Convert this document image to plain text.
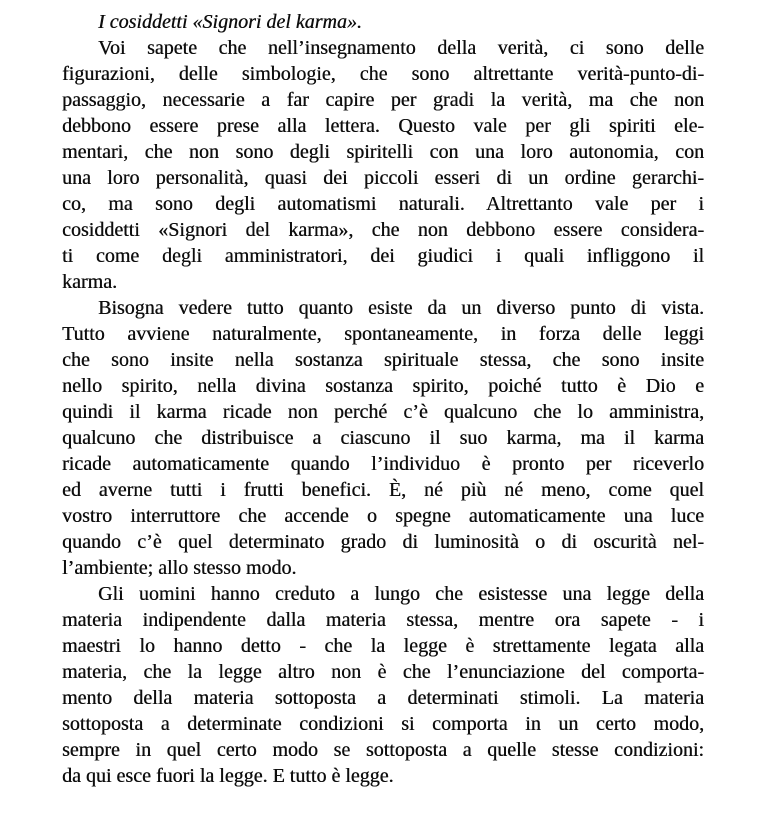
I cosiddetti «Signori del karma».
Voi sapete che nell’insegnamento della verità, ci sono delle
figurazioni, delle simbologie, che sono altrettante verità-punto-di-
passaggio, necessarie a far capire per gradi la verità, ma che non
debbono essere prese alla lettera. Questo vale per gli spiriti ele-
mentari, che non sono degli spiritelli con una loro autonomia, con
una loro personalità, quasi dei piccoli esseri di un ordine gerarchi-
co, ma sono degli automatismi naturali. Altrettanto vale per i
cosiddetti «Signori del karma», che non debbono essere considera-
ti come degli amministratori, dei giudici i quali infliggono il
karma.
Bisogna vedere tutto quanto esiste da un diverso punto di vista.
Tutto avviene naturalmente, spontaneamente, in forza delle leggi
che sono insite nella sostanza spirituale stessa, che sono insite
nello spirito, nella divina sostanza spirito, poiché tutto è Dio e
quindi il karma ricade non perché c’è qualcuno che lo amministra,
qualcuno che distribuisce a ciascuno il suo karma, ma il karma
ricade automaticamente quando l’individuo è pronto per riceverlo
ed averne tutti i frutti benefici. È, né più né meno, come quel
vostro interruttore che accende o spegne automaticamente una luce
quando c’è quel determinato grado di luminosità o di oscurità nel-
l’ambiente; allo stesso modo.
Gli uomini hanno creduto a lungo che esistesse una legge della
materia indipendente dalla materia stessa, mentre ora sapete - i
maestri lo hanno detto - che la legge è strettamente legata alla
materia, che la legge altro non è che l’enunciazione del comporta-
mento della materia sottoposta a determinati stimoli. La materia
sottoposta a determinate condizioni si comporta in un certo modo,
sempre in quel certo modo se sottoposta a quelle stesse condizioni:
da qui esce fuori la legge. E tutto è legge.
